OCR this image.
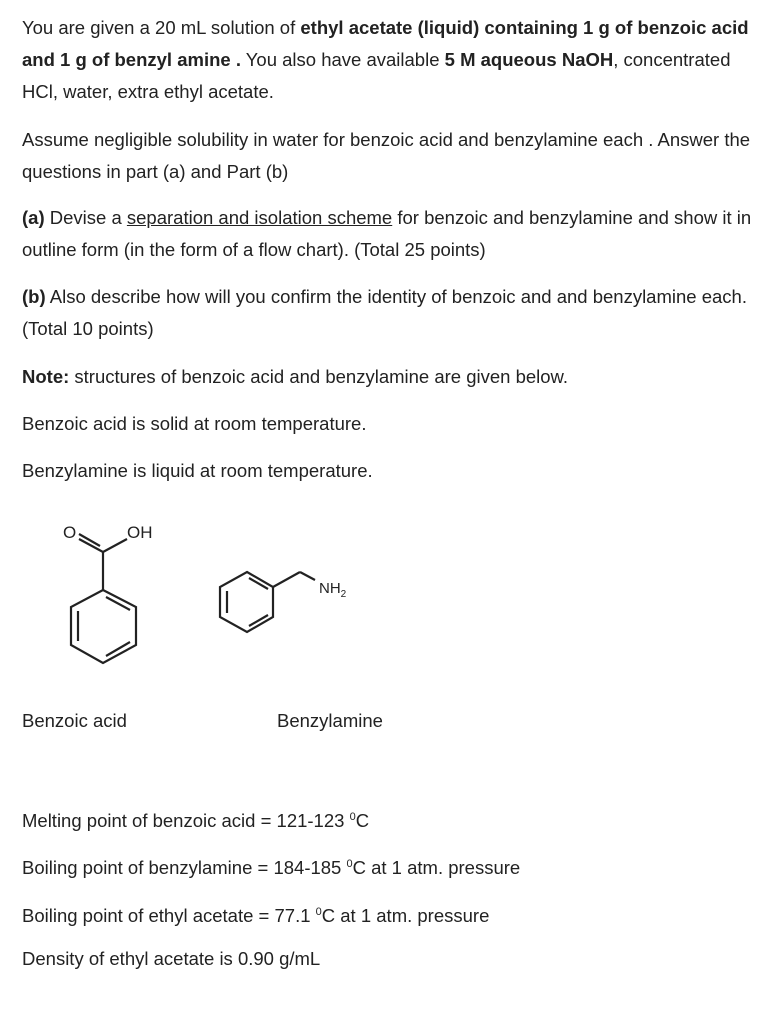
You are given a 20 mL solution of ethyl acetate (liquid) containing 1 g of benzoic acid and 1 g of benzyl amine . You also have available 5 M aqueous NaOH, concentrated HCl, water, extra ethyl acetate.

Assume negligible solubility in water for benzoic acid and benzylamine each . Answer the questions in part (a) and Part (b)

(a) Devise a separation and isolation scheme for benzoic and benzylamine and show it in outline form (in the form of a flow chart). (Total 25 points)

(b) Also describe how will you confirm the identity of benzoic and and benzylamine each. (Total 10 points)

Note: structures of benzoic acid and benzylamine are given below.

Benzoic acid is solid at room temperature.

Benzylamine is liquid at room temperature.

O	OH
$NH_2$
Benzoic acid	Benzylamine

Melting point of benzoic acid = 121-123 $^0$C

Boiling point of benzylamine = 184-185 $^0$C at 1 atm. pressure

Boiling point of ethyl acetate = 77.1 $^0$C at 1 atm. pressure

Density of ethyl acetate is 0.90 g/mL
